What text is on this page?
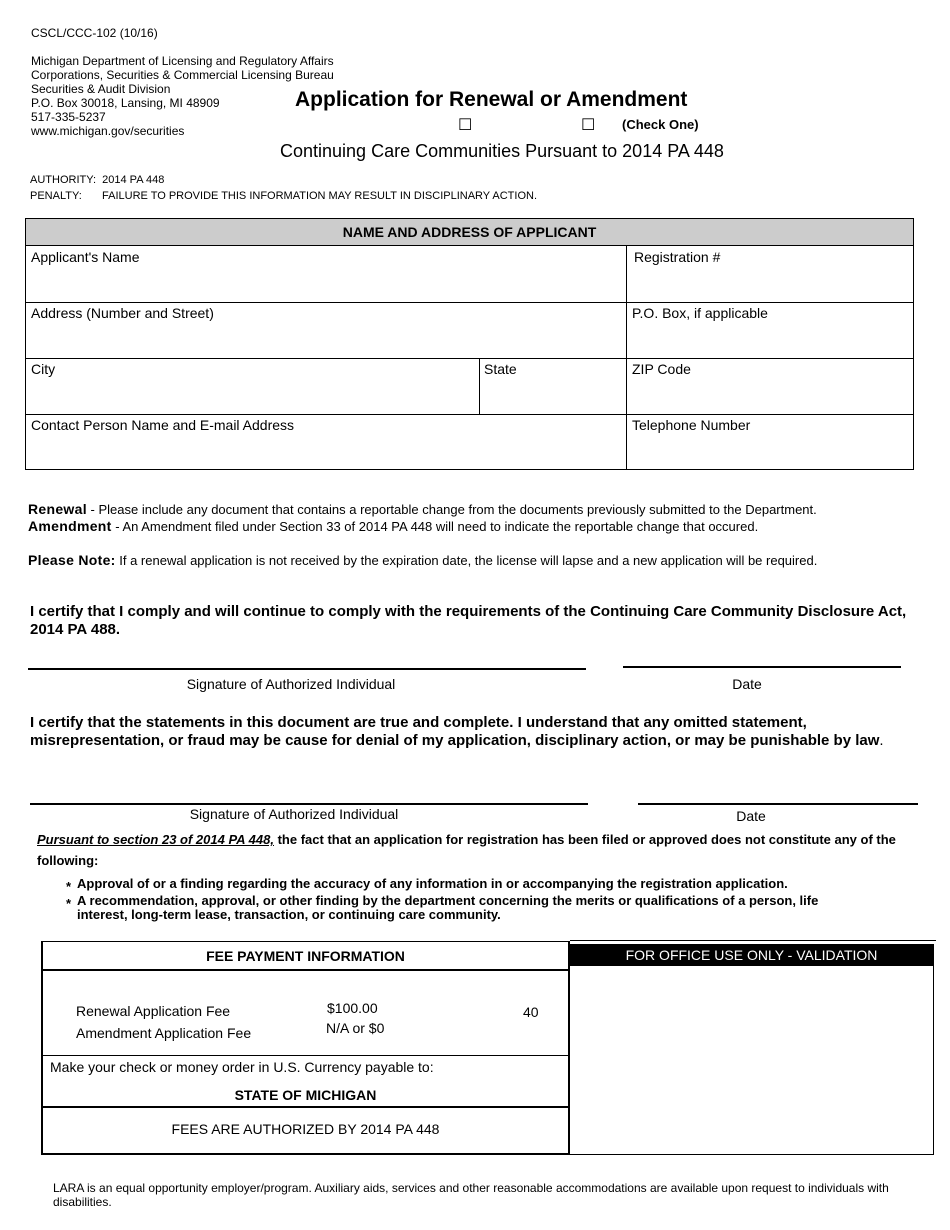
CSCL/CCC-102 (10/16)
Michigan Department of Licensing and Regulatory Affairs
Corporations, Securities & Commercial Licensing Bureau
Securities & Audit Division
P.O. Box 30018, Lansing, MI 48909
517-335-5237
www.michigan.gov/securities
Application for Renewal or Amendment
☐	☐ (Check One)
Continuing Care Communities Pursuant to 2014 PA 448
AUTHORITY: 2014 PA 448
PENALTY: FAILURE TO PROVIDE THIS INFORMATION MAY RESULT IN DISCIPLINARY ACTION.
NAME AND ADDRESS OF APPLICANT
Applicant's Name	Registration #
Address (Number and Street)	P.O. Box, if applicable
City	State	ZIP Code
Contact Person Name and E-mail Address	Telephone Number
Renewal - Please include any document that contains a reportable change from the documents previously submitted to the Department.
Amendment - An Amendment filed under Section 33 of 2014 PA 448 will need to indicate the reportable change that occured.
Please Note: If a renewal application is not received by the expiration date, the license will lapse and a new application will be required.
I certify that I comply and will continue to comply with the requirements of the Continuing Care Community Disclosure Act, 2014 PA 488.
Signature of Authorized Individual	Date
I certify that the statements in this document are true and complete. I understand that any omitted statement, misrepresentation, or fraud may be cause for denial of my application, disciplinary action, or may be punishable by law.
Signature of Authorized Individual	Date
Pursuant to section 23 of 2014 PA 448, the fact that an application for registration has been filed or approved does not constitute any of the following:
* Approval of or a finding regarding the accuracy of any information in or accompanying the registration application.
* A recommendation, approval, or other finding by the department concerning the merits or qualifications of a person, life interest, long-term lease, transaction, or continuing care community.
FEE PAYMENT INFORMATION
Renewal Application Fee	$100.00	40
Amendment Application Fee	N/A or $0
Make your check or money order in U.S. Currency payable to:
STATE OF MICHIGAN
FEES ARE AUTHORIZED BY 2014 PA 448
FOR OFFICE USE ONLY - VALIDATION
LARA is an equal opportunity employer/program. Auxiliary aids, services and other reasonable accommodations are available upon request to individuals with disabilities.
